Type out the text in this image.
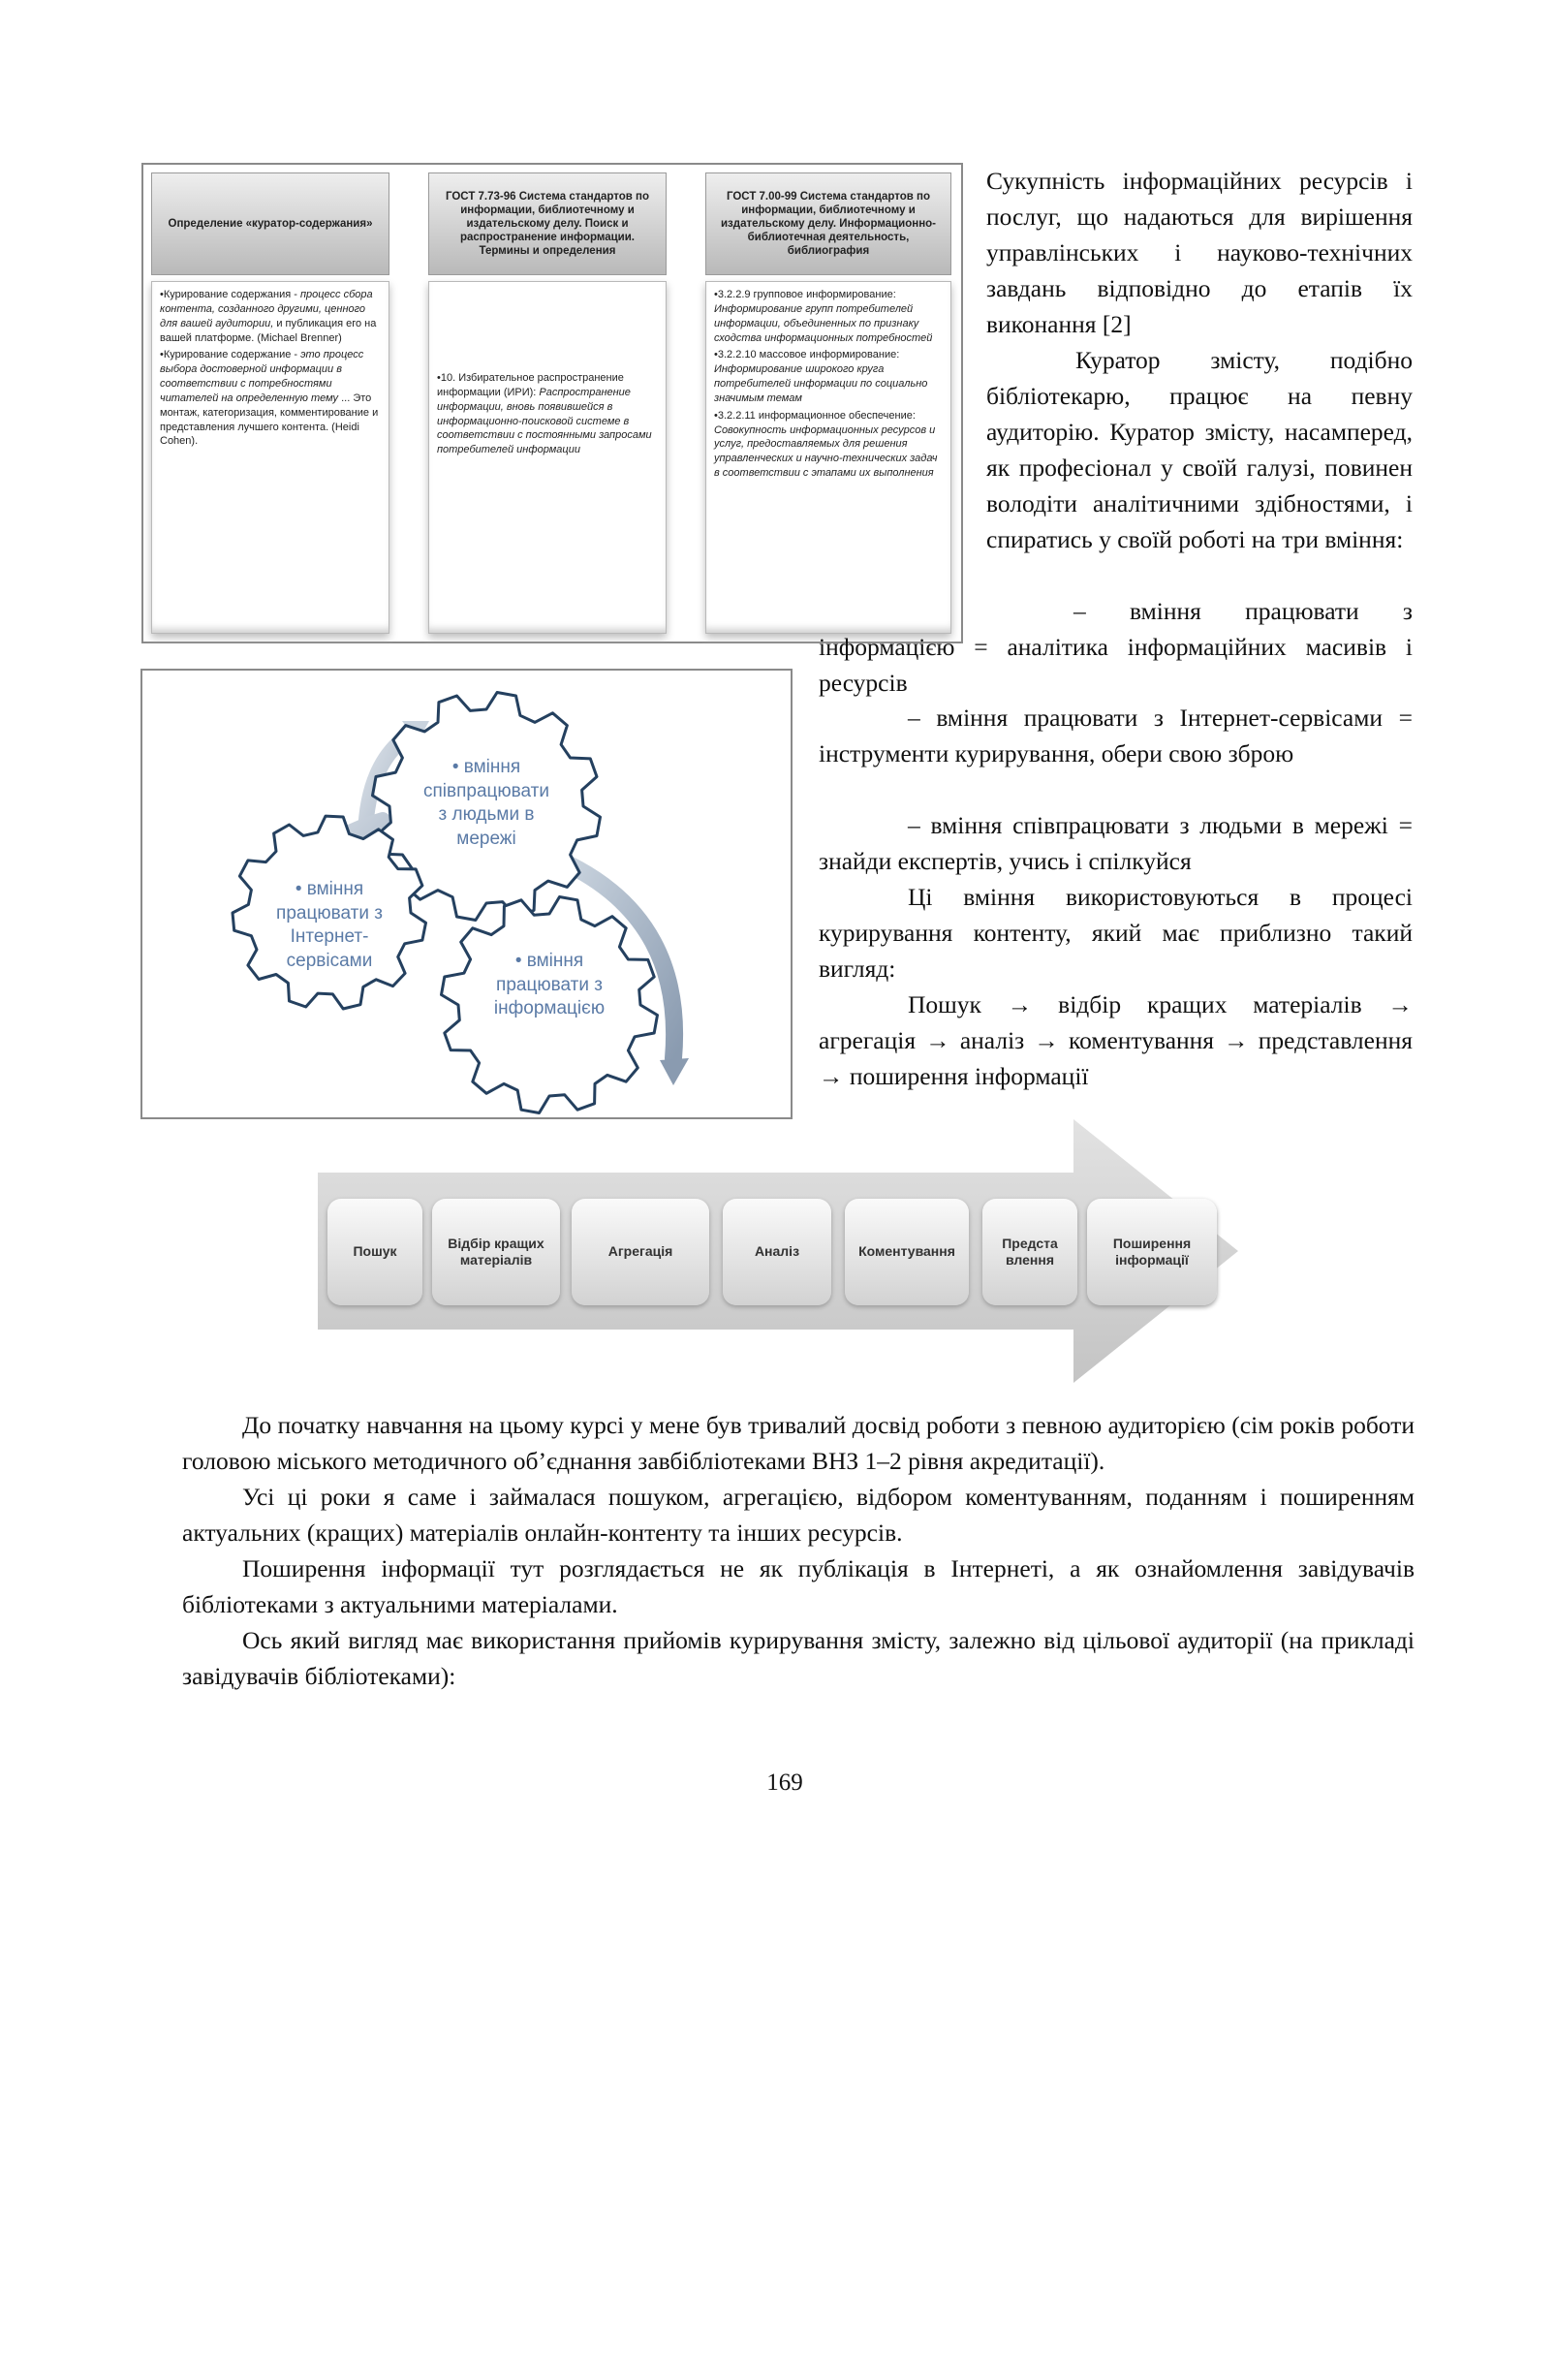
Определение «куратор-содержания»

•Курирование содержания - процесс сбора контента, созданного другими, ценного для вашей аудитории, и публикация его на вашей платформе. (Michael Brenner)

•Курирование содержание - это процесс выбора достоверной информации в соответствии с потребностями читателей на определенную тему ... Это монтаж, категоризация, комментирование и представления лучшего контента. (Heidi Cohen).

ГОСТ 7.73-96 Система стандартов по информации, библиотечному и издательскому делу. Поиск и распространение информации. Термины и определения

•10. Избирательное распространение информации (ИРИ): Распространение информации, вновь появившейся в информационно-поисковой системе в соответствии с постоянными запросами потребителей информации

ГОСТ 7.00-99 Система стандартов по информации, библиотечному и издательскому делу. Информационно-библиотечная деятельность, библиография

•3.2.2.9 групповое информирование: Информирование групп потребителей информации, объединенных по признаку сходства информационных потребностей

•3.2.2.10 массовое информирование: Информирование широкого круга потребителей информации по социально значимым темам

•3.2.2.11 информационное обеспечение: Совокупность информационных ресурсов и услуг, предоставляемых для решения управленческих и научно-технических задач в соответствии с этапами их выполнения

• вміння
співпрацювати
з людьми в
мережі
• вміння
працювати з
Інтернет-
сервісами	• вміння
працювати з
інформацією
Сукупність інформаційних ресурсів і послуг, що надаються для вирішення управлінських і науково-технічних завдань відповідно до етапів їх виконання [2]
Куратор змісту, подібно бібліотекарю, працює на певну аудиторію. Куратор змісту, насамперед, як професіонал у своїй галузі, повинен володіти аналітичними здібностями, і спиратись у своїй роботі на три вміння:
– вміння працювати з інформацією = аналітика інформаційних масивів і ресурсів
– вміння працювати з Інтернет-сервісами = інструменти курирування, обери свою зброю
– вміння співпрацювати з людьми в мережі = знайди експертів, учись і спілкуйся
Ці вміння використовуються в процесі курирування контенту, який має приблизно такий вигляд:
Пошук → відбір кращих матеріалів → агрегація → аналіз → коментування → представлення → поширення інформації
Пошук
Відбір кращих матеріалів
Агрегація	Аналіз	Коментування
Предста влення
Поширення інформації
До початку навчання на цьому курсі у мене був тривалий досвід роботи з певною аудиторією (сім років роботи головою міського методичного об’єднання завбібліотеками ВНЗ 1–2 рівня акредитації).
Усі ці роки я саме і займалася пошуком, агрегацією, відбором коментуванням, поданням і поширенням актуальних (кращих) матеріалів онлайн-контенту та інших ресурсів.
Поширення інформації тут розглядається не як публікація в Інтернеті, а як ознайомлення завідувачів бібліотеками з актуальними матеріалами.
Ось який вигляд має використання прийомів курирування змісту, залежно від цільової аудиторії (на прикладі завідувачів бібліотеками):
169
